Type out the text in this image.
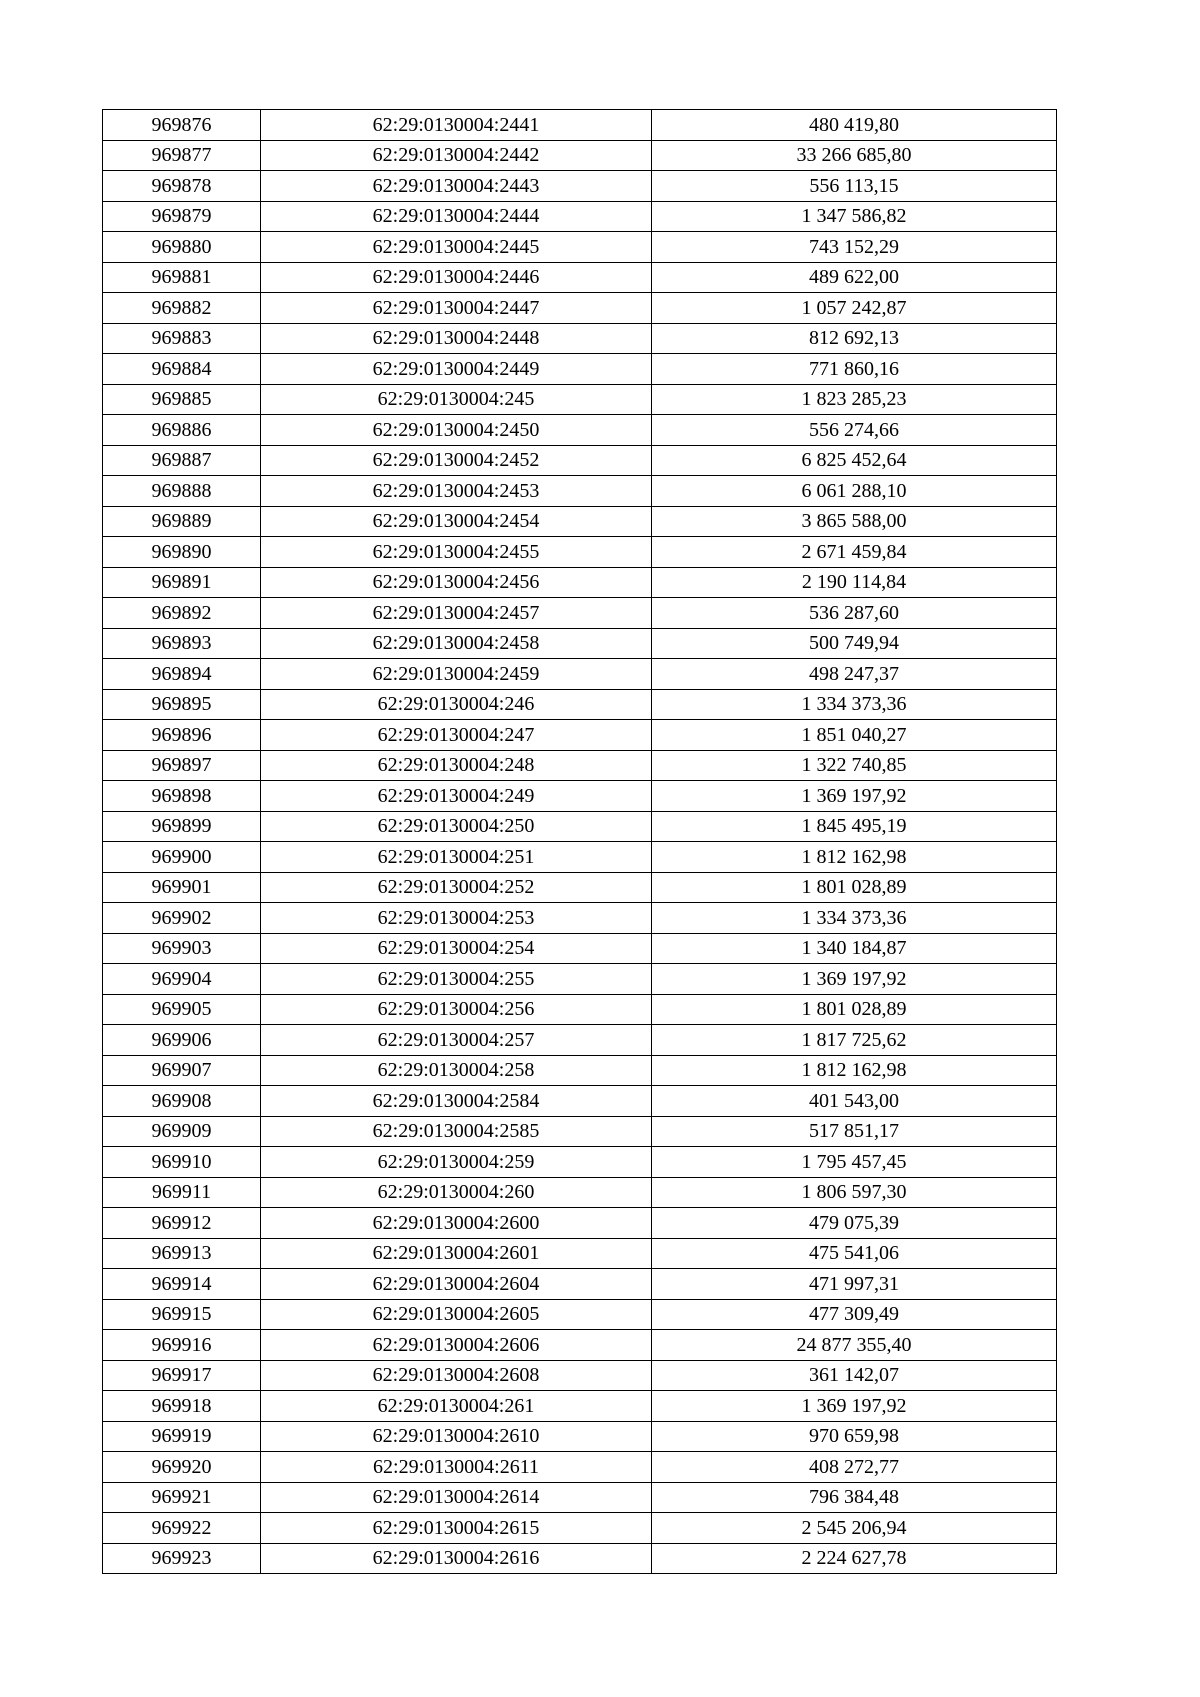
969876	62:29:0130004:2441	480 419,80
969877	62:29:0130004:2442	33 266 685,80
969878	62:29:0130004:2443	556 113,15
969879	62:29:0130004:2444	1 347 586,82
969880	62:29:0130004:2445	743 152,29
969881	62:29:0130004:2446	489 622,00
969882	62:29:0130004:2447	1 057 242,87
969883	62:29:0130004:2448	812 692,13
969884	62:29:0130004:2449	771 860,16
969885	62:29:0130004:245	1 823 285,23
969886	62:29:0130004:2450	556 274,66
969887	62:29:0130004:2452	6 825 452,64
969888	62:29:0130004:2453	6 061 288,10
969889	62:29:0130004:2454	3 865 588,00
969890	62:29:0130004:2455	2 671 459,84
969891	62:29:0130004:2456	2 190 114,84
969892	62:29:0130004:2457	536 287,60
969893	62:29:0130004:2458	500 749,94
969894	62:29:0130004:2459	498 247,37
969895	62:29:0130004:246	1 334 373,36
969896	62:29:0130004:247	1 851 040,27
969897	62:29:0130004:248	1 322 740,85
969898	62:29:0130004:249	1 369 197,92
969899	62:29:0130004:250	1 845 495,19
969900	62:29:0130004:251	1 812 162,98
969901	62:29:0130004:252	1 801 028,89
969902	62:29:0130004:253	1 334 373,36
969903	62:29:0130004:254	1 340 184,87
969904	62:29:0130004:255	1 369 197,92
969905	62:29:0130004:256	1 801 028,89
969906	62:29:0130004:257	1 817 725,62
969907	62:29:0130004:258	1 812 162,98
969908	62:29:0130004:2584	401 543,00
969909	62:29:0130004:2585	517 851,17
969910	62:29:0130004:259	1 795 457,45
969911	62:29:0130004:260	1 806 597,30
969912	62:29:0130004:2600	479 075,39
969913	62:29:0130004:2601	475 541,06
969914	62:29:0130004:2604	471 997,31
969915	62:29:0130004:2605	477 309,49
969916	62:29:0130004:2606	24 877 355,40
969917	62:29:0130004:2608	361 142,07
969918	62:29:0130004:261	1 369 197,92
969919	62:29:0130004:2610	970 659,98
969920	62:29:0130004:2611	408 272,77
969921	62:29:0130004:2614	796 384,48
969922	62:29:0130004:2615	2 545 206,94
969923	62:29:0130004:2616	2 224 627,78
